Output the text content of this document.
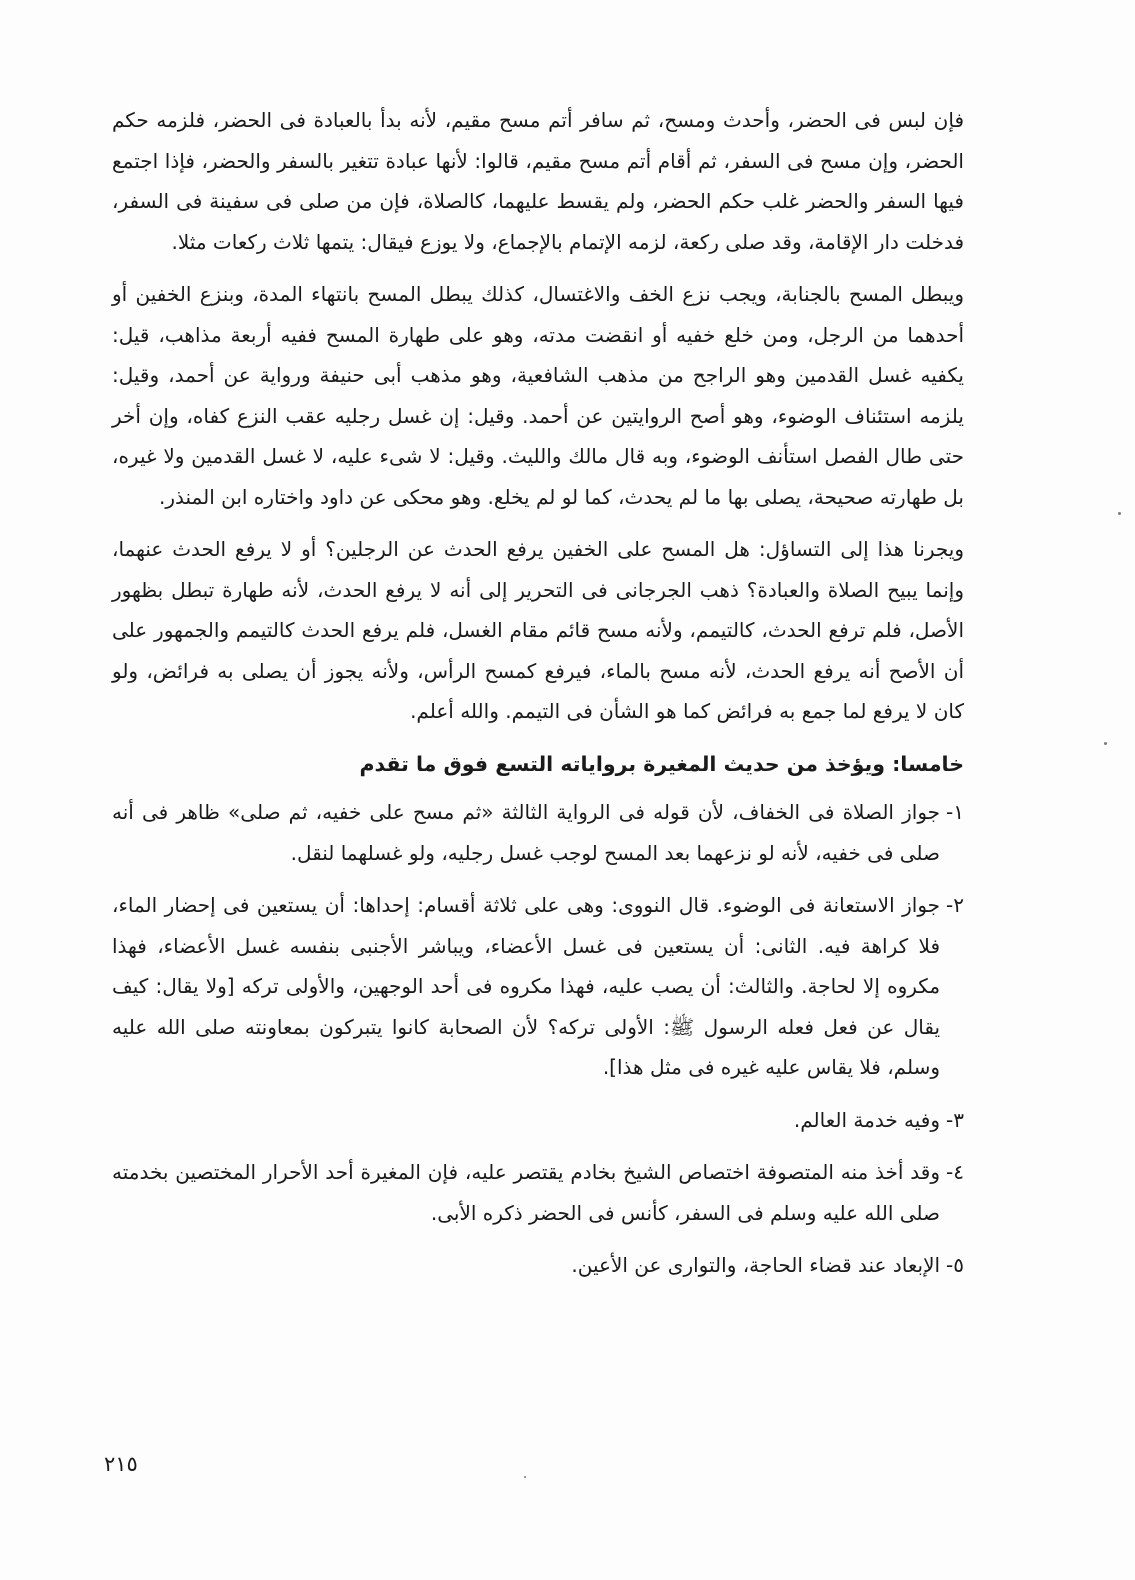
فإن لبس فى الحضر، وأحدث ومسح، ثم سافر أتم مسح مقيم، لأنه بدأ بالعبادة فى الحضر، فلزمه حكم الحضر، وإن مسح فى السفر، ثم أقام أتم مسح مقيم، قالوا: لأنها عبادة تتغير بالسفر والحضر، فإذا اجتمع فيها السفر والحضر غلب حكم الحضر، ولم يقسط عليهما، كالصلاة، فإن من صلى فى سفينة فى السفر، فدخلت دار الإقامة، وقد صلى ركعة، لزمه الإتمام بالإجماع، ولا يوزع فيقال: يتمها ثلاث ركعات مثلا.

ويبطل المسح بالجنابة، ويجب نزع الخف والاغتسال، كذلك يبطل المسح بانتهاء المدة، وبنزع الخفين أو أحدهما من الرجل، ومن خلع خفيه أو انقضت مدته، وهو على طهارة المسح ففيه أربعة مذاهب، قيل: يكفيه غسل القدمين وهو الراجح من مذهب الشافعية، وهو مذهب أبى حنيفة ورواية عن أحمد، وقيل: يلزمه استئناف الوضوء، وهو أصح الروايتين عن أحمد. وقيل: إن غسل رجليه عقب النزع كفاه، وإن أخر حتى طال الفصل استأنف الوضوء، وبه قال مالك والليث. وقيل: لا شىء عليه، لا غسل القدمين ولا غيره، بل طهارته صحيحة، يصلى بها ما لم يحدث، كما لو لم يخلع. وهو محكى عن داود واختاره ابن المنذر.

ويجرنا هذا إلى التساؤل: هل المسح على الخفين يرفع الحدث عن الرجلين؟ أو لا يرفع الحدث عنهما، وإنما يبيح الصلاة والعبادة؟ ذهب الجرجانى فى التحرير إلى أنه لا يرفع الحدث، لأنه طهارة تبطل بظهور الأصل، فلم ترفع الحدث، كالتيمم، ولأنه مسح قائم مقام الغسل، فلم يرفع الحدث كالتيمم والجمهور على أن الأصح أنه يرفع الحدث، لأنه مسح بالماء، فيرفع كمسح الرأس، ولأنه يجوز أن يصلى به فرائض، ولو كان لا يرفع لما جمع به فرائض كما هو الشأن فى التيمم. والله أعلم.

خامسا: ويؤخذ من حديث المغيرة برواياته التسع فوق ما تقدم
١-
جواز الصلاة فى الخفاف، لأن قوله فى الرواية الثالثة «ثم مسح على خفيه، ثم صلى» ظاهر فى أنه صلى فى خفيه، لأنه لو نزعهما بعد المسح لوجب غسل رجليه، ولو غسلهما لنقل.
٢-
جواز الاستعانة فى الوضوء. قال النووى: وهى على ثلاثة أقسام: إحداها: أن يستعين فى إحضار الماء، فلا كراهة فيه. الثانى: أن يستعين فى غسل الأعضاء، ويباشر الأجنبى بنفسه غسل الأعضاء، فهذا مكروه إلا لحاجة. والثالث: أن يصب عليه، فهذا مكروه فى أحد الوجهين، والأولى تركه [ولا يقال: كيف يقال عن فعل فعله الرسول ﷺ: الأولى تركه؟ لأن الصحابة كانوا يتبركون بمعاونته صلى الله عليه وسلم، فلا يقاس عليه غيره فى مثل هذا].
٣-
وفيه خدمة العالم.
٤-
وقد أخذ منه المتصوفة اختصاص الشيخ بخادم يقتصر عليه، فإن المغيرة أحد الأحرار المختصين بخدمته صلى الله عليه وسلم فى السفر، كأنس فى الحضر ذكره الأبى.
٥-
الإبعاد عند قضاء الحاجة، والتوارى عن الأعين.
٢١٥
